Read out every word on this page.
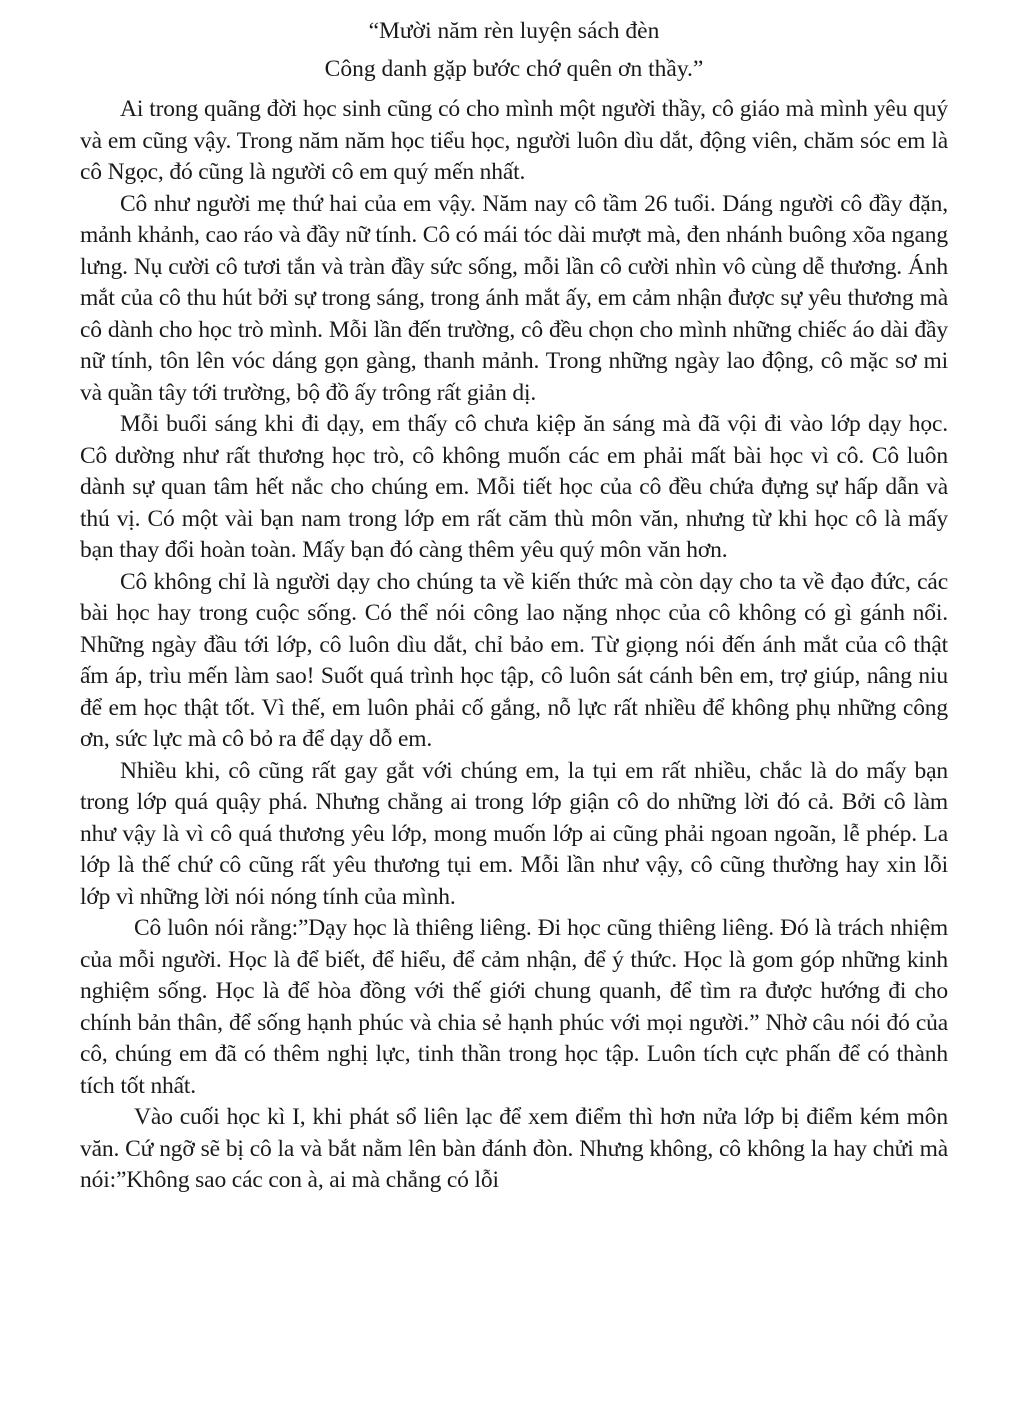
“Mười năm rèn luyện sách đèn
Công danh gặp bước chớ quên ơn thầy.”

Ai trong quãng đời học sinh cũng có cho mình một người thầy, cô giáo mà mình yêu quý và em cũng vậy. Trong năm năm học tiểu học, người luôn dìu dắt, động viên, chăm sóc em là cô Ngọc, đó cũng là người cô em quý mến nhất.

Cô như người mẹ thứ hai của em vậy. Năm nay cô tầm 26 tuổi. Dáng người cô đầy đặn, mảnh khảnh, cao ráo và đầy nữ tính. Cô có mái tóc dài mượt mà, đen nhánh buông xõa ngang lưng. Nụ cười cô tươi tắn và tràn đầy sức sống, mỗi lần cô cười nhìn vô cùng dễ thương. Ánh mắt của cô thu hút bởi sự trong sáng, trong ánh mắt ấy, em cảm nhận được sự yêu thương mà cô dành cho học trò mình. Mỗi lần đến trường, cô đều chọn cho mình những chiếc áo dài đầy nữ tính, tôn lên vóc dáng gọn gàng, thanh mảnh. Trong những ngày lao động, cô mặc sơ mi và quần tây tới trường, bộ đồ ấy trông rất giản dị.

Mỗi buổi sáng khi đi dạy, em thấy cô chưa kiệp ăn sáng mà đã vội đi vào lớp dạy học. Cô dường như rất thương học trò, cô không muốn các em phải mất bài học vì cô. Cô luôn dành sự quan tâm hết nắc cho chúng em. Mỗi tiết học của cô đều chứa đựng sự hấp dẫn và thú vị. Có một vài bạn nam trong lớp em rất căm thù môn văn, nhưng từ khi học cô là mấy bạn thay đổi hoàn toàn. Mấy bạn đó càng thêm yêu quý môn văn hơn.

Cô không chỉ là người dạy cho chúng ta về kiến thức mà còn dạy cho ta về đạo đức, các bài học hay trong cuộc sống. Có thể nói công lao nặng nhọc của cô không có gì gánh nổi. Những ngày đầu tới lớp, cô luôn dìu dắt, chỉ bảo em. Từ giọng nói đến ánh mắt của cô thật ấm áp, trìu mến làm sao! Suốt quá trình học tập, cô luôn sát cánh bên em, trợ giúp, nâng niu để em học thật tốt. Vì thế, em luôn phải cố gắng, nỗ lực rất nhiều để không phụ những công ơn, sức lực mà cô bỏ ra để dạy dỗ em.

Nhiều khi, cô cũng rất gay gắt với chúng em, la tụi em rất nhiều, chắc là do mấy bạn trong lớp quá quậy phá. Nhưng chẳng ai trong lớp giận cô do những lời đó cả. Bởi cô làm như vậy là vì cô quá thương yêu lớp, mong muốn lớp ai cũng phải ngoan ngoãn, lễ phép. La lớp là thế chứ cô cũng rất yêu thương tụi em. Mỗi lần như vậy, cô cũng thường hay xin lỗi lớp vì những lời nói nóng tính của mình.

Cô luôn nói rằng:”Dạy học là thiêng liêng. Đi học cũng thiêng liêng. Đó là trách nhiệm của mỗi người. Học là để biết, để hiểu, để cảm nhận, để ý thức. Học là gom góp những kinh nghiệm sống. Học là để hòa đồng với thế giới chung quanh, để tìm ra được hướng đi cho chính bản thân, để sống hạnh phúc và chia sẻ hạnh phúc với mọi người.” Nhờ câu nói đó của cô, chúng em đã có thêm nghị lực, tinh thần trong học tập. Luôn tích cực phấn để có thành tích tốt nhất.

Vào cuối học kì I, khi phát sổ liên lạc để xem điểm thì hơn nửa lớp bị điểm kém môn văn. Cứ ngỡ sẽ bị cô la và bắt nằm lên bàn đánh đòn. Nhưng không, cô không la hay chửi mà nói:”Không sao các con à, ai mà chẳng có lỗi
